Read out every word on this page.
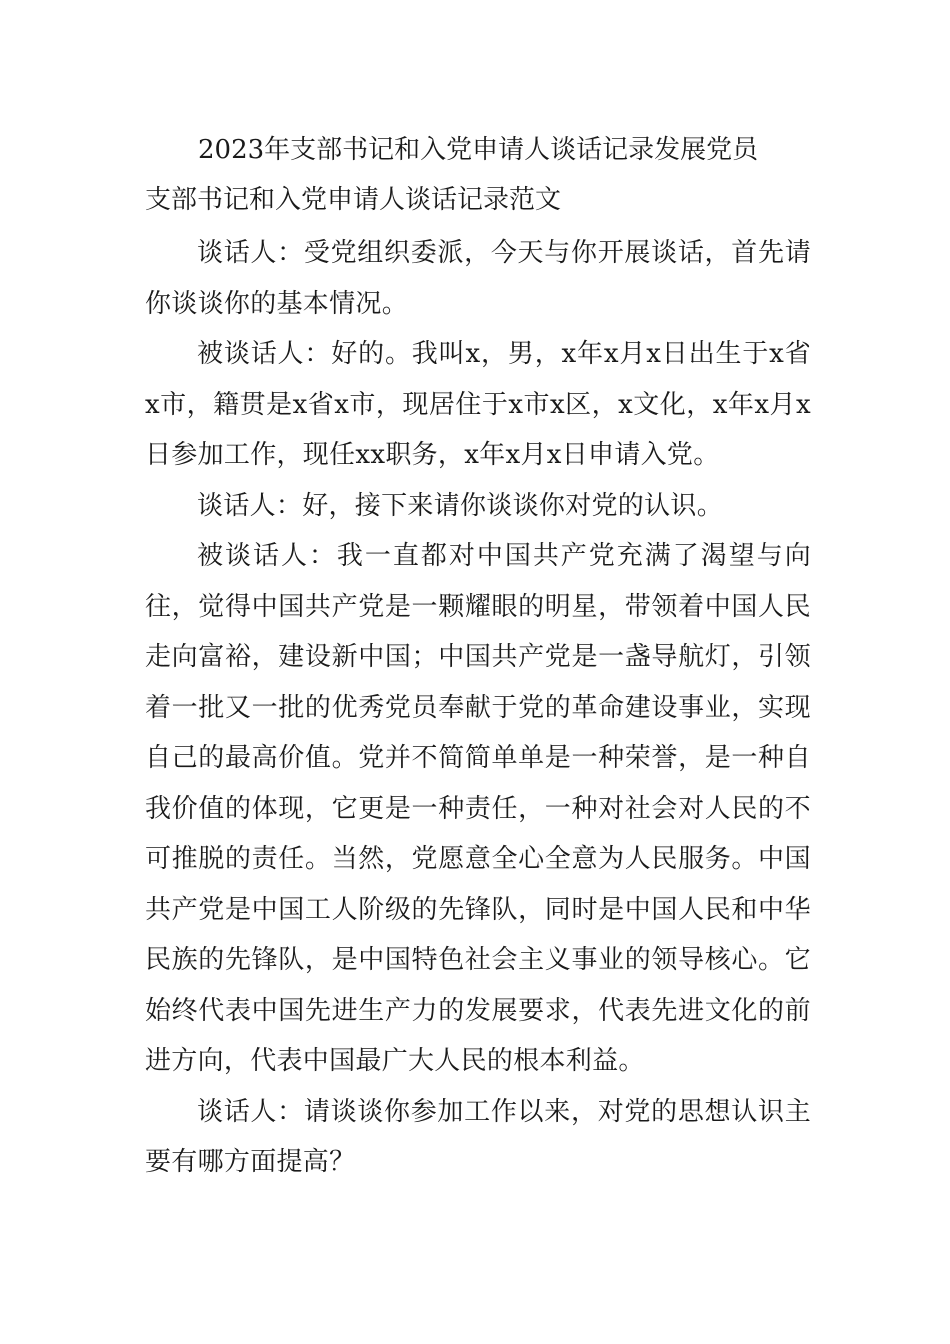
2023年支部书记和入党申请人谈话记录发展党员
支部书记和入党申请人谈话记录范文

谈话人：受党组织委派，今天与你开展谈话，首先请你谈谈你的基本情况。

被谈话人：好的。我叫x，男，x年x月x日出生于x省x市，籍贯是x省x市，现居住于x市x区，x文化，x年x月x日参加工作，现任xx职务，x年x月x日申请入党。

谈话人：好，接下来请你谈谈你对党的认识。

被谈话人：我一直都对中国共产党充满了渴望与向往，觉得中国共产党是一颗耀眼的明星，带领着中国人民走向富裕，建设新中国；中国共产党是一盏导航灯，引领着一批又一批的优秀党员奉献于党的革命建设事业，实现自己的最高价值。党并不简简单单是一种荣誉，是一种自我价值的体现，它更是一种责任，一种对社会对人民的不可推脱的责任。当然，党愿意全心全意为人民服务。中国共产党是中国工人阶级的先锋队，同时是中国人民和中华民族的先锋队，是中国特色社会主义事业的领导核心。它始终代表中国先进生产力的发展要求，代表先进文化的前进方向，代表中国最广大人民的根本利益。

谈话人：请谈谈你参加工作以来，对党的思想认识主要有哪方面提高？
